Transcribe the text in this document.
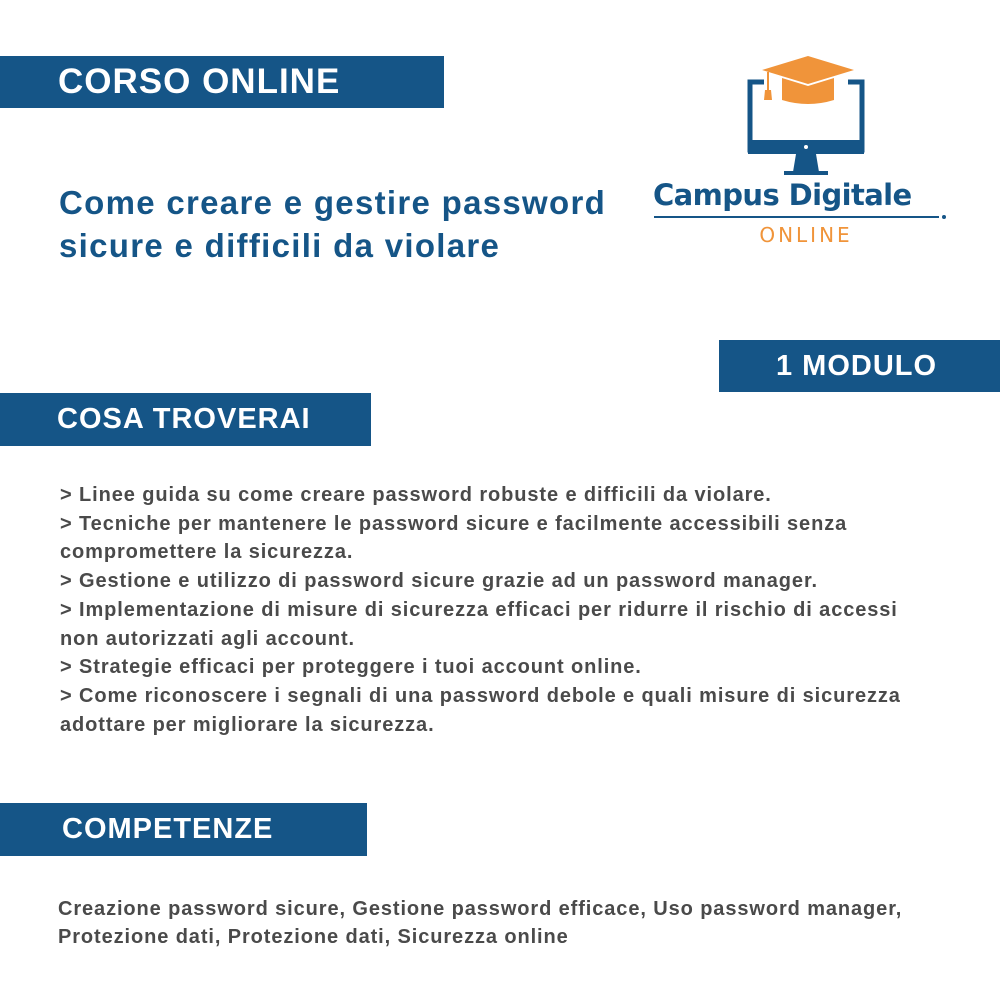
CORSO ONLINE
Come creare e gestire password sicure e difficili da violare
Campus Digitale
ONLINE
1 MODULO
COSA TROVERAI
> Linee guida su come creare password robuste e difficili da violare.
> Tecniche per mantenere le password sicure e facilmente accessibili senza compromettere la sicurezza.
> Gestione e utilizzo di password sicure grazie ad un password manager.
> Implementazione di misure di sicurezza efficaci per ridurre il rischio di accessi non autorizzati agli account.
> Strategie efficaci per proteggere i tuoi account online.
> Come riconoscere i segnali di una password debole e quali misure di sicurezza adottare per migliorare la sicurezza.
COMPETENZE

Creazione password sicure, Gestione password efficace, Uso password manager, Protezione dati, Protezione dati, Sicurezza online
